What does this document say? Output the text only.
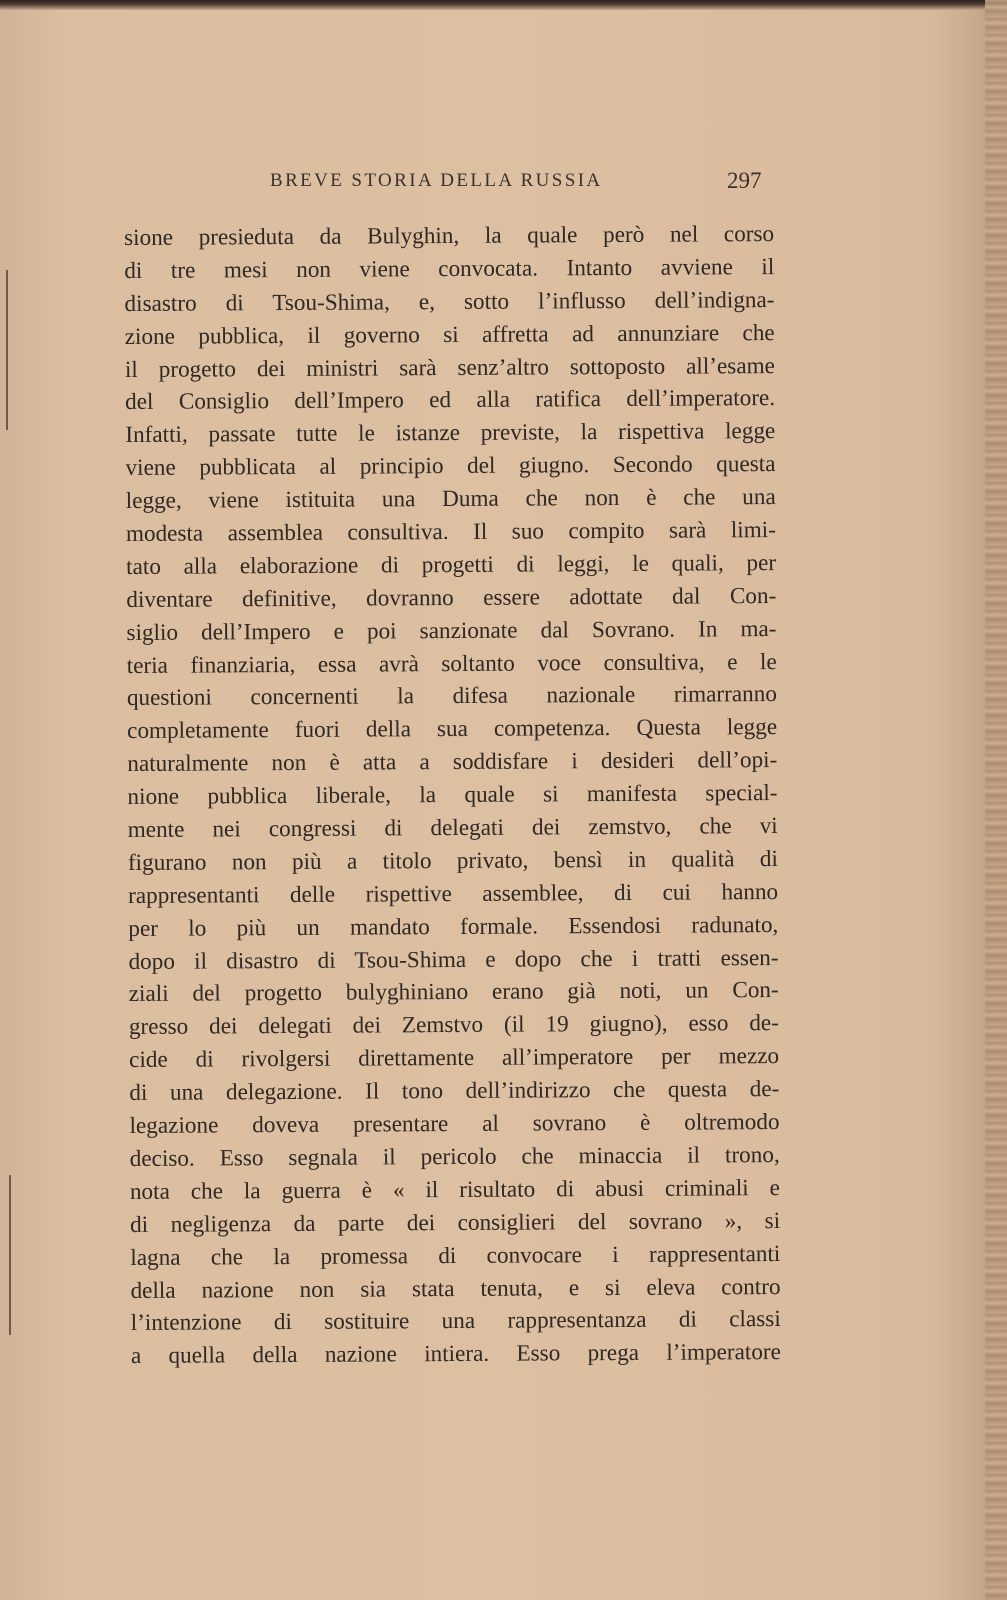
BREVE STORIA DELLA RUSSIA	297
sione presieduta da Bulyghin, la quale però nel corso
di tre mesi non viene convocata. Intanto avviene il
disastro di Tsou-Shima, e, sotto l’influsso dell’indigna-
zione pubblica, il governo si affretta ad annunziare che
il progetto dei ministri sarà senz’altro sottoposto all’esame
del Consiglio dell’Impero ed alla ratifica dell’imperatore.
Infatti, passate tutte le istanze previste, la rispettiva legge
viene pubblicata al principio del giugno. Secondo questa
legge, viene istituita una Duma che non è che una
modesta assemblea consultiva. Il suo compito sarà limi-
tato alla elaborazione di progetti di leggi, le quali, per
diventare definitive, dovranno essere adottate dal Con-
siglio dell’Impero e poi sanzionate dal Sovrano. In ma-
teria finanziaria, essa avrà soltanto voce consultiva, e le
questioni concernenti la difesa nazionale rimarranno
completamente fuori della sua competenza. Questa legge
naturalmente non è atta a soddisfare i desideri dell’opi-
nione pubblica liberale, la quale si manifesta special-
mente nei congressi di delegati dei zemstvo, che vi
figurano non più a titolo privato, bensì in qualità di
rappresentanti delle rispettive assemblee, di cui hanno
per lo più un mandato formale. Essendosi radunato,
dopo il disastro di Tsou-Shima e dopo che i tratti essen-
ziali del progetto bulyghiniano erano già noti, un Con-
gresso dei delegati dei Zemstvo (il 19 giugno), esso de-
cide di rivolgersi direttamente all’imperatore per mezzo
di una delegazione. Il tono dell’indirizzo che questa de-
legazione doveva presentare al sovrano è oltremodo
deciso. Esso segnala il pericolo che minaccia il trono,
nota che la guerra è « il risultato di abusi criminali e
di negligenza da parte dei consiglieri del sovrano », si
lagna che la promessa di convocare i rappresentanti
della nazione non sia stata tenuta, e si eleva contro
l’intenzione di sostituire una rappresentanza di classi
a quella della nazione intiera. Esso prega l’imperatore
